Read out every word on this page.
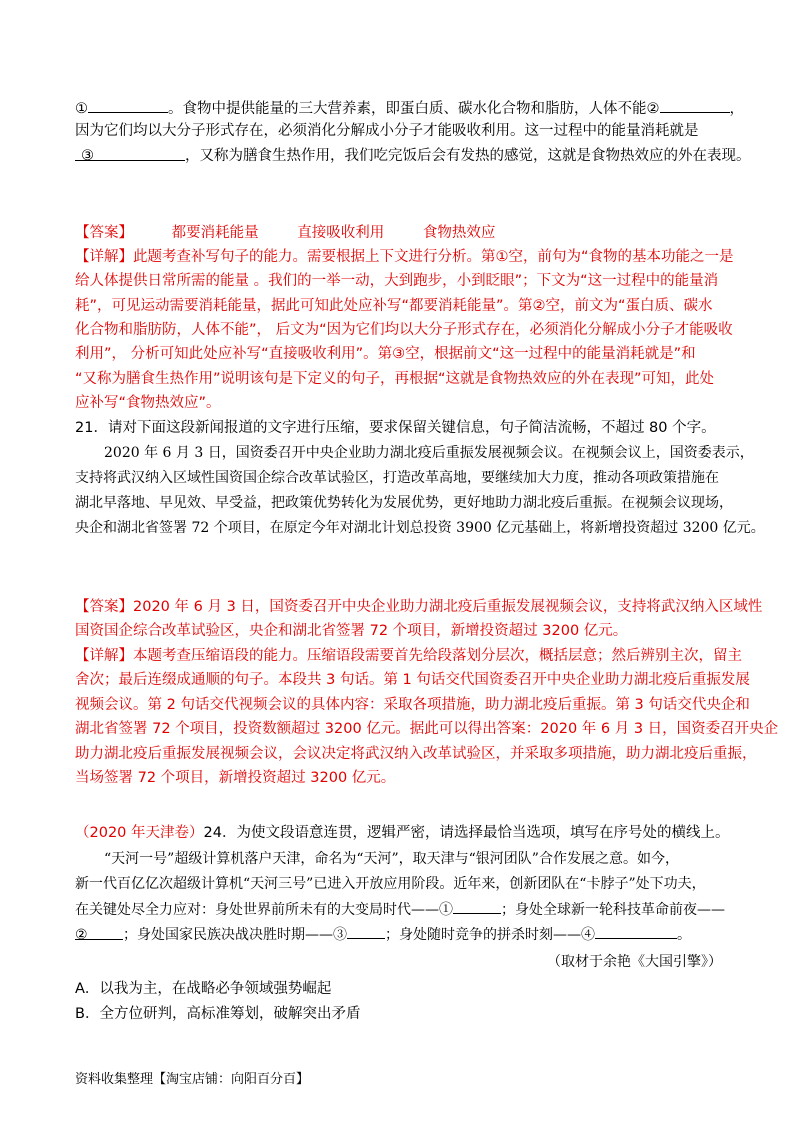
①	。食物中提供能量的三大营养素，即蛋白质、碳水化合物和脂肪，人体不能②	，
因为它们均以大分子形式存在，必须消化分解成小分子才能吸收利用。这一过程中的能量消耗就是
③	，又称为膳食生热作用，我们吃完饭后会有发热的感觉，这就是食物热效应的外在表现。
【答案】	都要消耗能量	直接吸收利用	食物热效应
【详解】此题考查补写句子的能力。需要根据上下文进行分析。第①空，前句为“食物的基本功能之一是
给人体提供日常所需的能量 。我们的一举一动，大到跑步，小到眨眼”；下文为“这一过程中的能量消
耗”，可见运动需要消耗能量，据此可知此处应补写“都要消耗能量”。第②空，前文为“蛋白质、碳水
化合物和脂肪防，人体不能”， 后文为“因为它们均以大分子形式存在，必须消化分解成小分子才能吸收
利用”， 分析可知此处应补写“直接吸收利用”。第③空，根据前文“这一过程中的能量消耗就是”和
“又称为膳食生热作用”说明该句是下定义的句子，再根据“这就是食物热效应的外在表现”可知，此处
应补写“食物热效应”。
21．请对下面这段新闻报道的文字进行压缩，要求保留关键信息，句子简洁流畅，不超过 80 个字。
2020 年 6 月 3 日，国资委召开中央企业助力湖北疫后重振发展视频会议。在视频会议上，国资委表示，
支持将武汉纳入区域性国资国企综合改革试验区，打造改革高地，要继续加大力度，推动各项政策措施在
湖北早落地、早见效、早受益，把政策优势转化为发展优势，更好地助力湖北疫后重振。在视频会议现场，
央企和湖北省签署 72 个项目，在原定今年对湖北计划总投资 3900 亿元基础上，将新增投资超过 3200 亿元。
【答案】2020 年 6 月 3 日，国资委召开中央企业助力湖北疫后重振发展视频会议，支持将武汉纳入区域性
国资国企综合改革试验区，央企和湖北省签署 72 个项目，新增投资超过 3200 亿元。
【详解】本题考查压缩语段的能力。压缩语段需要首先给段落划分层次，概括层意；然后辨别主次，留主
舍次；最后连缀成通顺的句子。本段共 3 句话。第 1 句话交代国资委召开中央企业助力湖北疫后重振发展
视频会议。第 2 句话交代视频会议的具体内容：采取各项措施，助力湖北疫后重振。第 3 句话交代央企和
湖北省签署 72 个项目，投资数额超过 3200 亿元。据此可以得出答案：2020 年 6 月 3 日，国资委召开央企
助力湖北疫后重振发展视频会议，会议决定将武汉纳入改革试验区，并采取多项措施，助力湖北疫后重振，
当场签署 72 个项目，新增投资超过 3200 亿元。
（2020 年天津卷）24．为使文段语意连贯，逻辑严密，请选择最恰当选项，填写在序号处的横线上。
“天河一号”超级计算机落户天津，命名为“天河”，取天津与“银河团队”合作发展之意。如今，
新一代百亿亿次超级计算机“天河三号”已进入开放应用阶段。近年来，创新团队在“卡脖子”处下功夫，
在关键处尽全力应对：身处世界前所未有的大变局时代——①	；身处全球新一轮科技革命前夜——
②	；身处国家民族决战决胜时期——③	；身处随时竞争的拼杀时刻——④	。
（取材于余艳《大国引擎》）
A．以我为主，在战略必争领域强势崛起
B．全方位研判，高标准筹划，破解突出矛盾
资料收集整理【淘宝店铺：向阳百分百】
